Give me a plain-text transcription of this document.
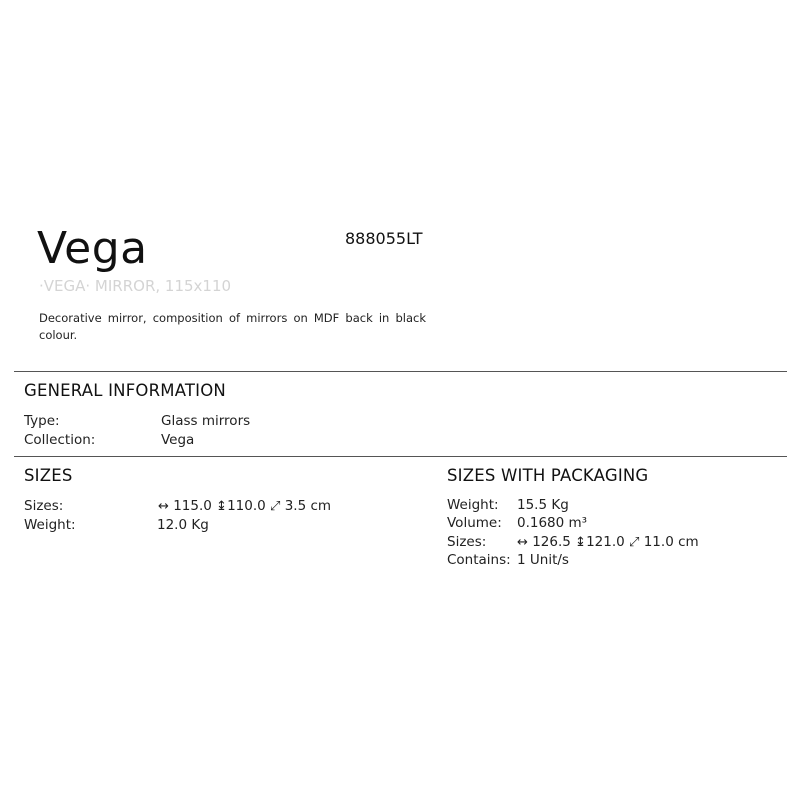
Vega	888055LT
·VEGA· MIRROR, 115x110
Decorative mirror, composition of mirrors on MDF back in black colour.
GENERAL INFORMATION
Type:	Glass mirrors
Collection:	Vega
SIZES
Sizes:	↔ 115.0 ↨110.0 ⤢ 3.5 cm
Weight:	12.0 Kg
SIZES WITH PACKAGING
Weight: 15.5 Kg
Volume: 0.1680 m³
Sizes: ↔ 126.5 ↨121.0 ⤢ 11.0 cm
Contains: 1 Unit/s
